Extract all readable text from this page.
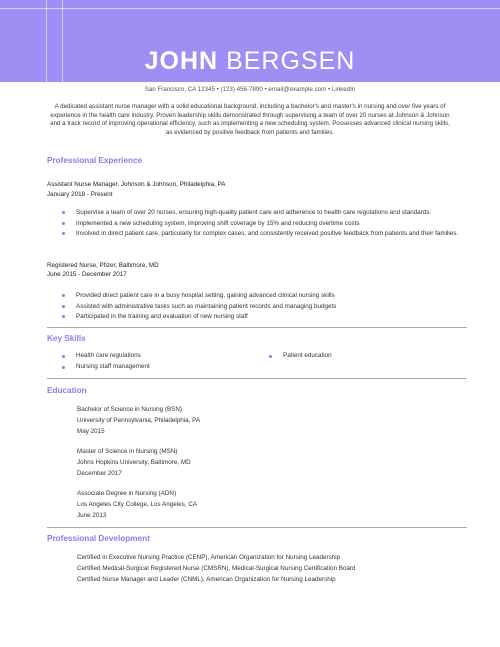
JOHN BERGSEN
San Francisco, CA 12345 • (123) 456-7890 • email@example.com • LinkedIn
A dedicated assistant nurse manager with a solid educational background, including a bachelor's and master's in nursing and over five years of experience in the health care industry. Proven leadership skills demonstrated through supervising a team of over 20 nurses at Johnson & Johnson and a track record of improving operational efficiency, such as implementing a new scheduling system. Possesses advanced clinical nursing skills, as evidenced by positive feedback from patients and families.
Professional Experience
Assistant Nurse Manager, Johnson & Johnson, Philadelphia, PA
January 2018 - Present
Supervise a team of over 20 nurses, ensuring high-quality patient care and adherence to health care regulations and standards.
Implemented a new scheduling system, improving shift coverage by 15% and reducing overtime costs
Involved in direct patient care, particularly for complex cases, and consistently received positive feedback from patients and their families.
Registered Nurse, Pfizer, Baltimore, MD
June 2015 - December 2017
Provided direct patient care in a busy hospital setting, gaining advanced clinical nursing skills
Assisted with administrative tasks such as maintaining patient records and managing budgets
Participated in the training and evaluation of new nursing staff
Key Skills
Health care regulations
Nursing staff management
Patient education
Education
Bachelor of Science in Nursing (BSN)
University of Pennsylvania, Philadelphia, PA
May 2015
Master of Science in Nursing (MSN)
Johns Hopkins University, Baltimore, MD
December 2017
Associate Degree in Nursing (ADN)
Los Angeles City College, Los Angeles, CA
June 2013
Professional Development
Certified in Executive Nursing Practice (CENP), American Organization for Nursing Leadership
Certified Medical-Surgical Registered Nurse (CMSRN), Medical-Surgical Nursing Certification Board
Certified Nurse Manager and Leader (CNML), American Organization for Nursing Leadership
